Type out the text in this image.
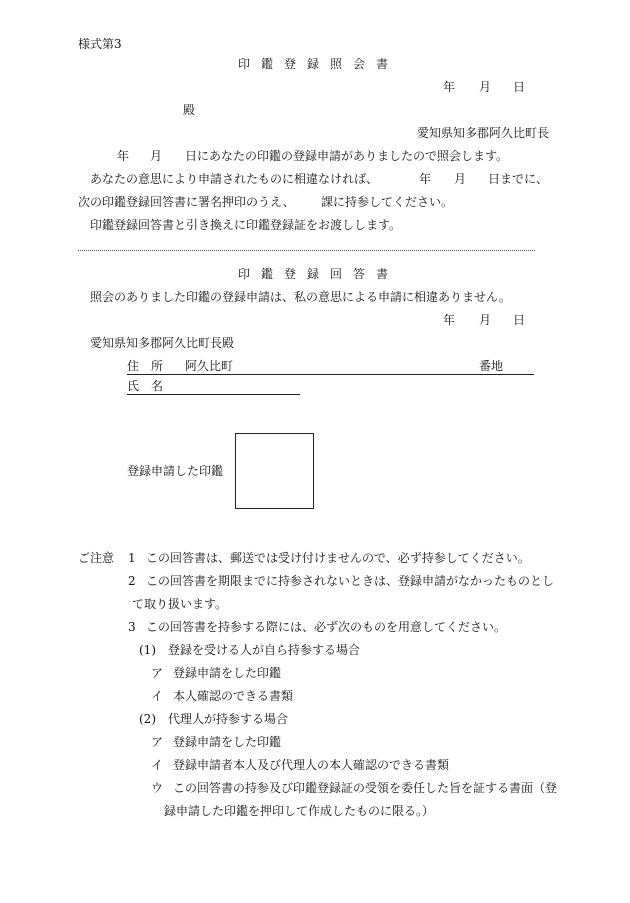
様式第3
印鑑登録照会書
年 月 日
殿
愛知県知多郡阿久比町長
年 月 日にあなたの印鑑の登録申請がありましたので照会します。
あなたの意思により申請されたものに相違なければ、	年 月 日までに、
次の印鑑登録回答書に署名押印のうえ、 課に持参してください。
印鑑登録回答書と引き換えに印鑑登録証をお渡しします。
印鑑登録回答書
照会のありました印鑑の登録申請は、私の意思による申請に相違ありません。
年 月 日
愛知県知多郡阿久比町長殿
住　所 阿久比町	番地
氏　名
登録申請した印鑑
ご注意 1 この回答書は、郵送では受け付けませんので、必ず持参してください。
2 この回答書を期限までに持参されないときは、登録申請がなかったものとし
て取り扱います。
3 この回答書を持参する際には、必ず次のものを用意してください。
(1) 登録を受ける人が自ら持参する場合
ア 登録申請をした印鑑
イ 本人確認のできる書類
(2) 代理人が持参する場合
ア 登録申請をした印鑑
イ 登録申請者本人及び代理人の本人確認のできる書類
ウ この回答書の持参及び印鑑登録証の受領を委任した旨を証する書面（登
録申請した印鑑を押印して作成したものに限る。）
